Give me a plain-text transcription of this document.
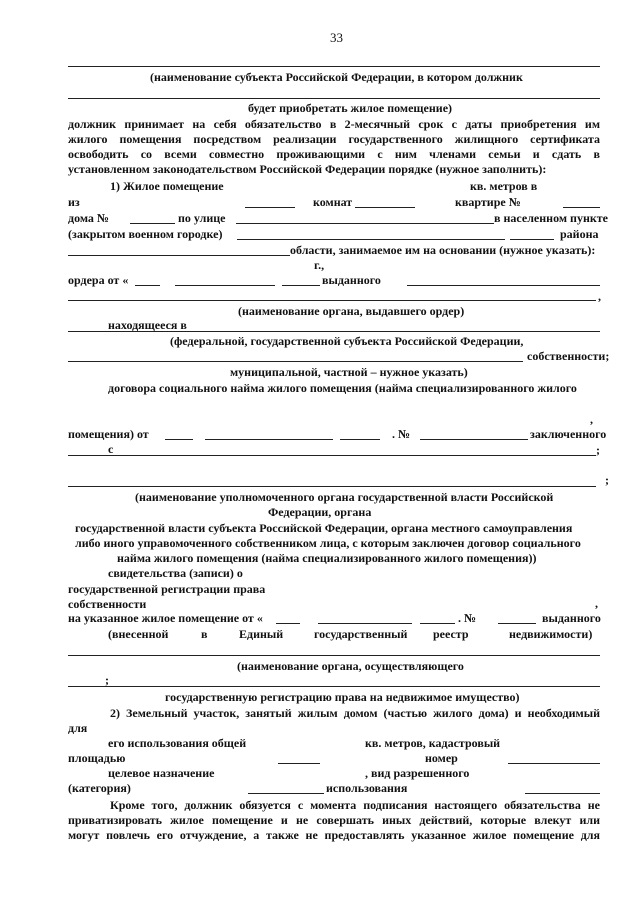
33
(наименование субъекта Российской Федерации, в котором должник
будет приобретать жилое помещение)
должник принимает на себя обязательство в 2-месячный срок с даты приобретения им
жилого помещения посредством реализации государственного жилищного сертификата
освободить со всеми совместно проживающими с ним членами семьи и сдать в
установленном законодательством Российской Федерации порядке (нужное заполнить):
1) Жилое помещение	кв. метров в
из	комнат	квартире №
дома №	по улице	в населенном пункте
(закрытом военном городке)	района
области, занимаемое им на основании (нужное указать):
г.,
ордера от «	выданного
,
(наименование органа, выдавшего ордер)
находящееся в
(федеральной, государственной субъекта Российской Федерации,
собственности;
муниципальной, частной – нужное указать)
договора социального найма жилого помещения (найма специализированного жилого
,
помещения) от	. №	заключенного
с	;
;
(наименование уполномоченного органа государственной власти Российской
Федерации, органа
государственной власти субъекта Российской Федерации, органа местного самоуправления
либо иного управомоченного собственником лица, с которым заключен договор социального
найма жилого помещения (найма специализированного жилого помещения))
свидетельства (записи) о
государственной регистрации права
собственности	,
на указанное жилое помещение от «	. №	выданного
(внесенной	в	Единый	государственный реестр	недвижимости)
(наименование органа, осуществляющего
;
государственную регистрацию права на недвижимое имущество)
2) Земельный участок, занятый жилым домом (частью жилого дома) и необходимый
для
его использования общей	кв. метров, кадастровый
площадью	номер
целевое назначение	, вид разрешенного
(категория)	использования
Кроме того, должник обязуется с момента подписания настоящего обязательства не
приватизировать жилое помещение и не совершать иных действий, которые влекут или
могут повлечь его отчуждение, а также не предоставлять указанное жилое помещение для
